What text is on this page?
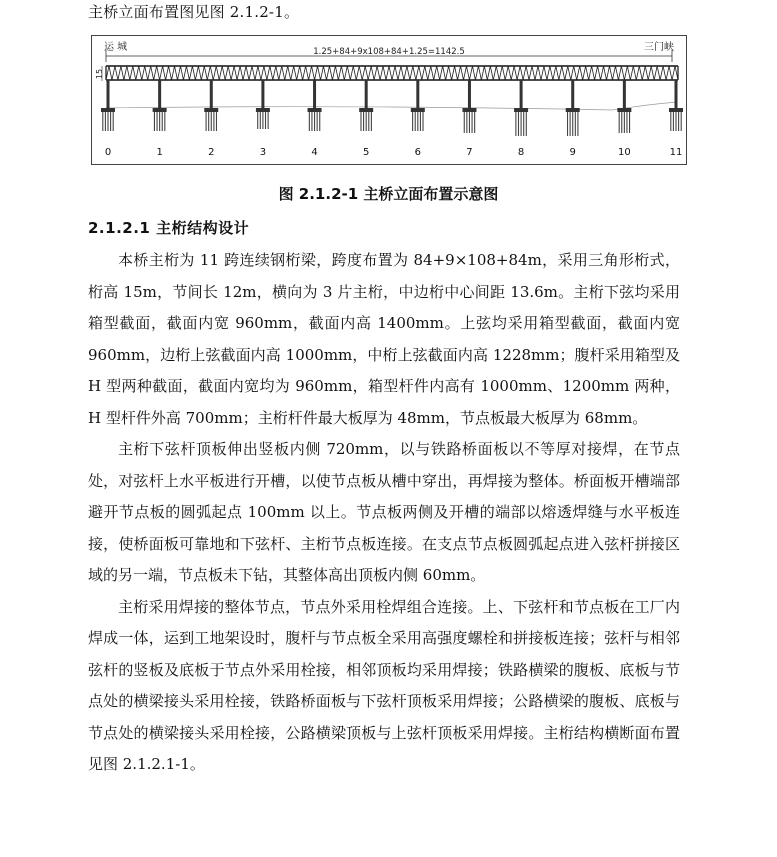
主桥立面布置图见图 2.1.2-1。
运 城	三门峡
1.25+84+9x108+84+1.25=1142.5
15
0	1	2	3	4	5	6	7	8	9	10	11
图 2.1.2-1 主桥立面布置示意图
2.1.2.1 主桁结构设计

本桥主桁为 11 跨连续钢桁梁，跨度布置为 84+9×108+84m，采用三角形桁式，桁高 15m，节间长 12m，横向为 3 片主桁，中边桁中心间距 13.6m。主桁下弦均采用箱型截面，截面内宽 960mm，截面内高 1400mm。上弦均采用箱型截面，截面内宽 960mm，边桁上弦截面内高 1000mm，中桁上弦截面内高 1228mm；腹杆采用箱型及 H 型两种截面，截面内宽均为 960mm，箱型杆件内高有 1000mm、1200mm 两种，H 型杆件外高 700mm；主桁杆件最大板厚为 48mm，节点板最大板厚为 68mm。

主桁下弦杆顶板伸出竖板内侧 720mm，以与铁路桥面板以不等厚对接焊，在节点处，对弦杆上水平板进行开槽，以使节点板从槽中穿出，再焊接为整体。桥面板开槽端部避开节点板的圆弧起点 100mm 以上。节点板两侧及开槽的端部以熔透焊缝与水平板连接，使桥面板可靠地和下弦杆、主桁节点板连接。在支点节点板圆弧起点进入弦杆拼接区域的另一端，节点板未下钻，其整体高出顶板内侧 60mm。

主桁采用焊接的整体节点，节点外采用栓焊组合连接。上、下弦杆和节点板在工厂内焊成一体，运到工地架设时，腹杆与节点板全采用高强度螺栓和拼接板连接；弦杆与相邻弦杆的竖板及底板于节点外采用栓接，相邻顶板均采用焊接；铁路横梁的腹板、底板与节点处的横梁接头采用栓接，铁路桥面板与下弦杆顶板采用焊接；公路横梁的腹板、底板与节点处的横梁接头采用栓接，公路横梁顶板与上弦杆顶板采用焊接。主桁结构横断面布置见图 2.1.2.1-1。
